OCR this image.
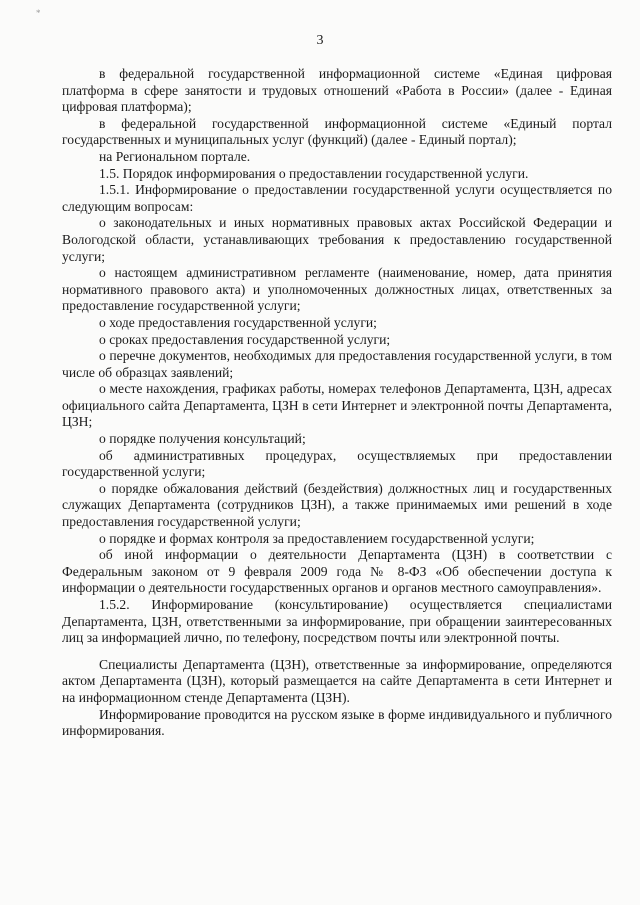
*
3

в федеральной государственной информационной системе «Единая цифровая платформа в сфере занятости и трудовых отношений «Работа в России» (далее - Единая цифровая платформа);

в федеральной государственной информационной системе «Единый портал государственных и муниципальных услуг (функций) (далее - Единый портал);

на Региональном портале.

1.5. Порядок информирования о предоставлении государственной услуги.

1.5.1. Информирование о предоставлении государственной услуги осуществляется по следующим вопросам:

о законодательных и иных нормативных правовых актах Российской Федерации и Вологодской области, устанавливающих требования к предоставлению государственной услуги;

о настоящем административном регламенте (наименование, номер, дата принятия нормативного правового акта) и уполномоченных должностных лицах, ответственных за предоставление государственной услуги;

о ходе предоставления государственной услуги;

о сроках предоставления государственной услуги;

о перечне документов, необходимых для предоставления государственной услуги, в том числе об образцах заявлений;

о месте нахождения, графиках работы, номерах телефонов Департамента, ЦЗН, адресах официального сайта Департамента, ЦЗН в сети Интернет и электронной почты Департамента, ЦЗН;

о порядке получения консультаций;

об административных процедурах, осуществляемых при предоставлении государственной услуги;

о порядке обжалования действий (бездействия) должностных лиц и государственных служащих Департамента (сотрудников ЦЗН), а также принимаемых ими решений в ходе предоставления государственной услуги;

о порядке и формах контроля за предоставлением государственной услуги;

об иной информации о деятельности Департамента (ЦЗН) в соответствии с Федеральным законом от 9 февраля 2009 года № 8-ФЗ «Об обеспечении доступа к информации о деятельности государственных органов и органов местного самоуправления».

1.5.2. Информирование (консультирование) осуществляется специалистами Департамента, ЦЗН, ответственными за информирование, при обращении заинтересованных лиц за информацией лично, по телефону, посредством почты или электронной почты.

Специалисты Департамента (ЦЗН), ответственные за информирование, определяются актом Департамента (ЦЗН), который размещается на сайте Департамента в сети Интернет и на информационном стенде Департамента (ЦЗН).

Информирование проводится на русском языке в форме индивидуального и публичного информирования.
